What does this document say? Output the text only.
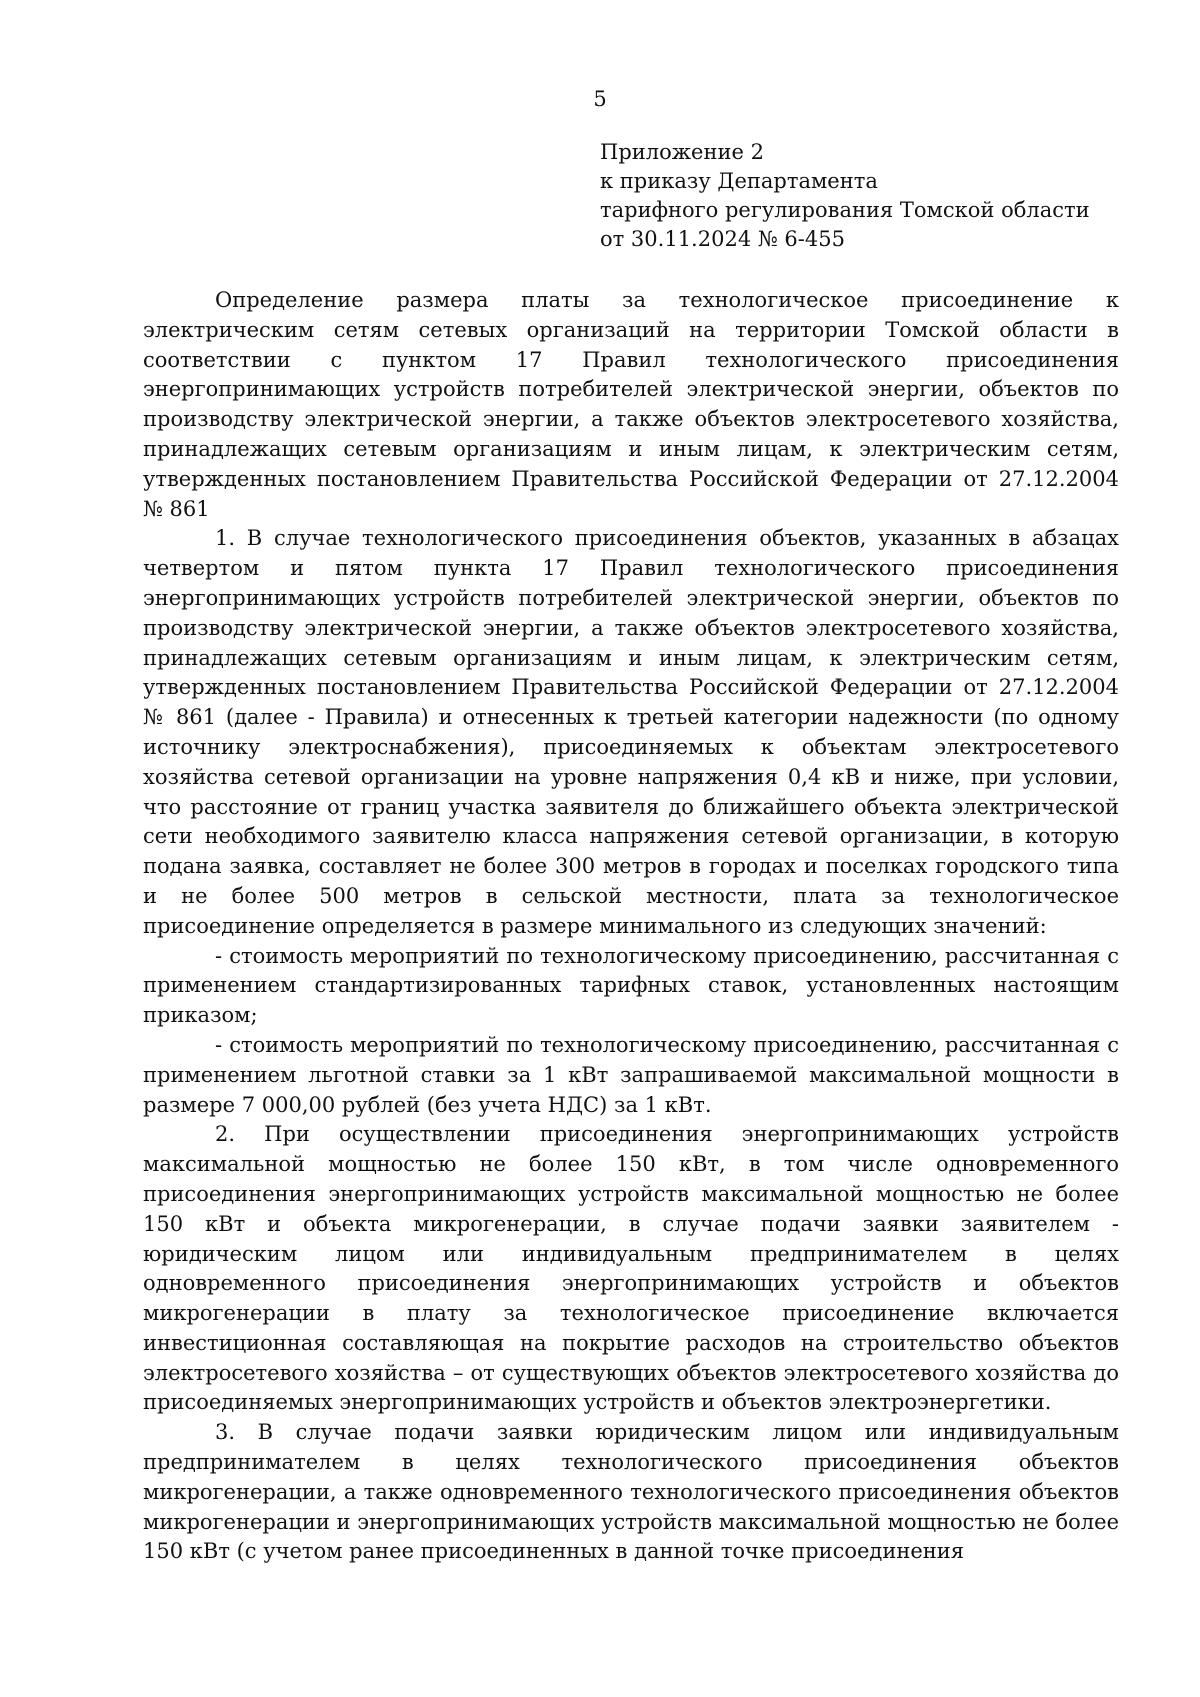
5
Приложение 2
к приказу Департамента
тарифного регулирования Томской области
от 30.11.2024 № 6-455

Определение размера платы за технологическое присоединение к электрическим сетям сетевых организаций на территории Томской области в соответствии с пунктом 17 Правил технологического присоединения энергопринимающих устройств потребителей электрической энергии, объектов по производству электрической энергии, а также объектов электросетевого хозяйства, принадлежащих сетевым организациям и иным лицам, к электрическим сетям, утвержденных постановлением Правительства Российской Федерации от 27.12.2004 № 861

1. В случае технологического присоединения объектов, указанных в абзацах четвертом и пятом пункта 17 Правил технологического присоединения энергопринимающих устройств потребителей электрической энергии, объектов по производству электрической энергии, а также объектов электросетевого хозяйства, принадлежащих сетевым организациям и иным лицам, к электрическим сетям, утвержденных постановлением Правительства Российской Федерации от 27.12.2004 № 861 (далее - Правила) и отнесенных к третьей категории надежности (по одному источнику электроснабжения), присоединяемых к объектам электросетевого хозяйства сетевой организации на уровне напряжения 0,4 кВ и ниже, при условии, что расстояние от границ участка заявителя до ближайшего объекта электрической сети необходимого заявителю класса напряжения сетевой организации, в которую подана заявка, составляет не более 300 метров в городах и поселках городского типа и не более 500 метров в сельской местности, плата за технологическое присоединение определяется в размере минимального из следующих значений:

- стоимость мероприятий по технологическому присоединению, рассчитанная с применением стандартизированных тарифных ставок, установленных настоящим приказом;

- стоимость мероприятий по технологическому присоединению, рассчитанная с применением льготной ставки за 1 кВт запрашиваемой максимальной мощности в размере 7 000,00 рублей (без учета НДС) за 1 кВт.

2. При осуществлении присоединения энергопринимающих устройств максимальной мощностью не более 150 кВт, в том числе одновременного присоединения энергопринимающих устройств максимальной мощностью не более 150 кВт и объекта микрогенерации, в случае подачи заявки заявителем - юридическим лицом или индивидуальным предпринимателем в целях одновременного присоединения энергопринимающих устройств и объектов микрогенерации в плату за технологическое присоединение включается инвестиционная составляющая на покрытие расходов на строительство объектов электросетевого хозяйства – от существующих объектов электросетевого хозяйства до присоединяемых энергопринимающих устройств и объектов электроэнергетики.

3. В случае подачи заявки юридическим лицом или индивидуальным предпринимателем в целях технологического присоединения объектов микрогенерации, а также одновременного технологического присоединения объектов микрогенерации и энергопринимающих устройств максимальной мощностью не более 150 кВт (с учетом ранее присоединенных в данной точке присоединения
